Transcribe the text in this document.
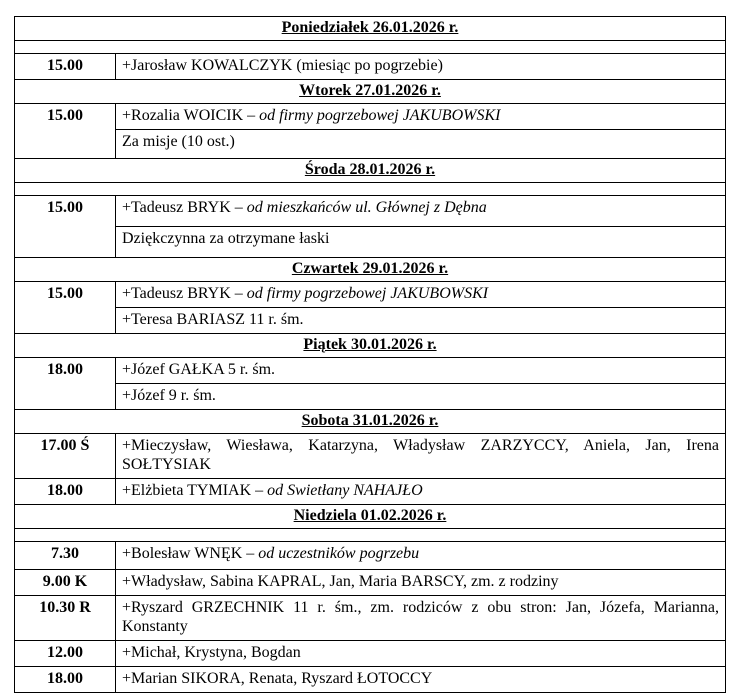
Poniedziałek 26.01.2026 r.	

15.00	+Jarosław KOWALCZYK (miesiąc po pogrzebie)
Wtorek 27.01.2026 r.	
15.00	+Rozalia WOICIK – od firmy pogrzebowej JAKUBOWSKI
	Za misje (10 ost.)
Środa 28.01.2026 r.	

15.00	+Tadeusz BRYK – od mieszkańców ul. Głównej z Dębna
	Dziękczynna za otrzymane łaski
Czwartek 29.01.2026 r.	
15.00	+Tadeusz BRYK – od firmy pogrzebowej JAKUBOWSKI
	+Teresa BARIASZ 11 r. śm.
Piątek 30.01.2026 r.	
18.00	+Józef GAŁKA 5 r. śm.
	+Józef 9 r. śm.
Sobota 31.01.2026 r.	
17.00 Ś	+Mieczysław, Wiesława, Katarzyna, Władysław ZARZYCCY, Aniela, Jan, Irena SOŁTYSIAK
18.00	+Elżbieta TYMIAK – od Swietłany NAHAJŁO
Niedziela 01.02.2026 r.	

7.30	+Bolesław WNĘK – od uczestników pogrzebu
9.00 K	+Władysław, Sabina KAPRAL, Jan, Maria BARSCY, zm. z rodziny
10.30 R	+Ryszard GRZECHNIK 11 r. śm., zm. rodziców z obu stron: Jan, Józefa, Marianna, Konstanty
12.00	+Michał, Krystyna, Bogdan
18.00	+Marian SIKORA, Renata, Ryszard ŁOTOCCY
